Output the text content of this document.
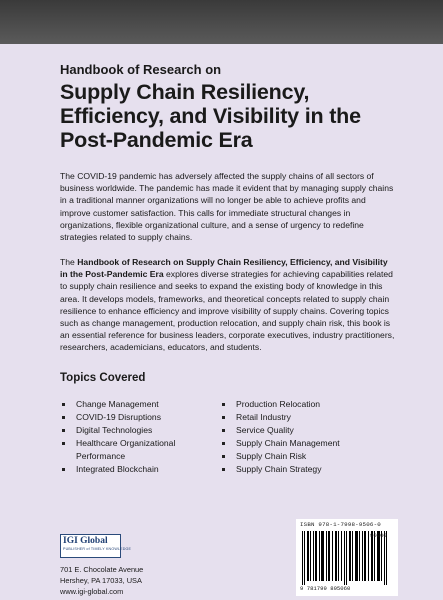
Handbook of Research on

Supply Chain Resiliency,
Efficiency, and Visibility in the
Post-Pandemic Era

The COVID-19 pandemic has adversely affected the supply chains of all sectors of business worldwide. The pandemic has made it evident that by managing supply chains in a traditional manner organizations will no longer be able to achieve profits and improve customer satisfaction. This calls for immediate structural changes in organizations, flexible organizational culture, and a sense of urgency to redefine strategies related to supply chains.

The Handbook of Research on Supply Chain Resiliency, Efficiency, and Visibility in the Post-Pandemic Era explores diverse strategies for achieving capabilities related to supply chain resilience and seeks to expand the existing body of knowledge in this area. It develops models, frameworks, and theoretical concepts related to supply chain resilience to enhance efficiency and improve visibility of supply chains. Covering topics such as change management, production relocation, and supply chain risk, this book is an essential reference for business leaders, corporate executives, industry practitioners, researchers, academicians, educators, and students.

Topics Covered
Change Management
COVID-19 Disruptions
Digital Technologies
Healthcare Organizational Performance
Integrated Blockchain
Production Relocation
Retail Industry
Service Quality
Supply Chain Management
Supply Chain Risk
Supply Chain Strategy
IGI Global
PUBLISHER of TIMELY KNOWLEDGE
701 E. Chocolate Avenue
Hershey, PA 17033, USA
www.igi-global.com
ISBN 978-1-7998-9506-0
9 781799 895060
90000
